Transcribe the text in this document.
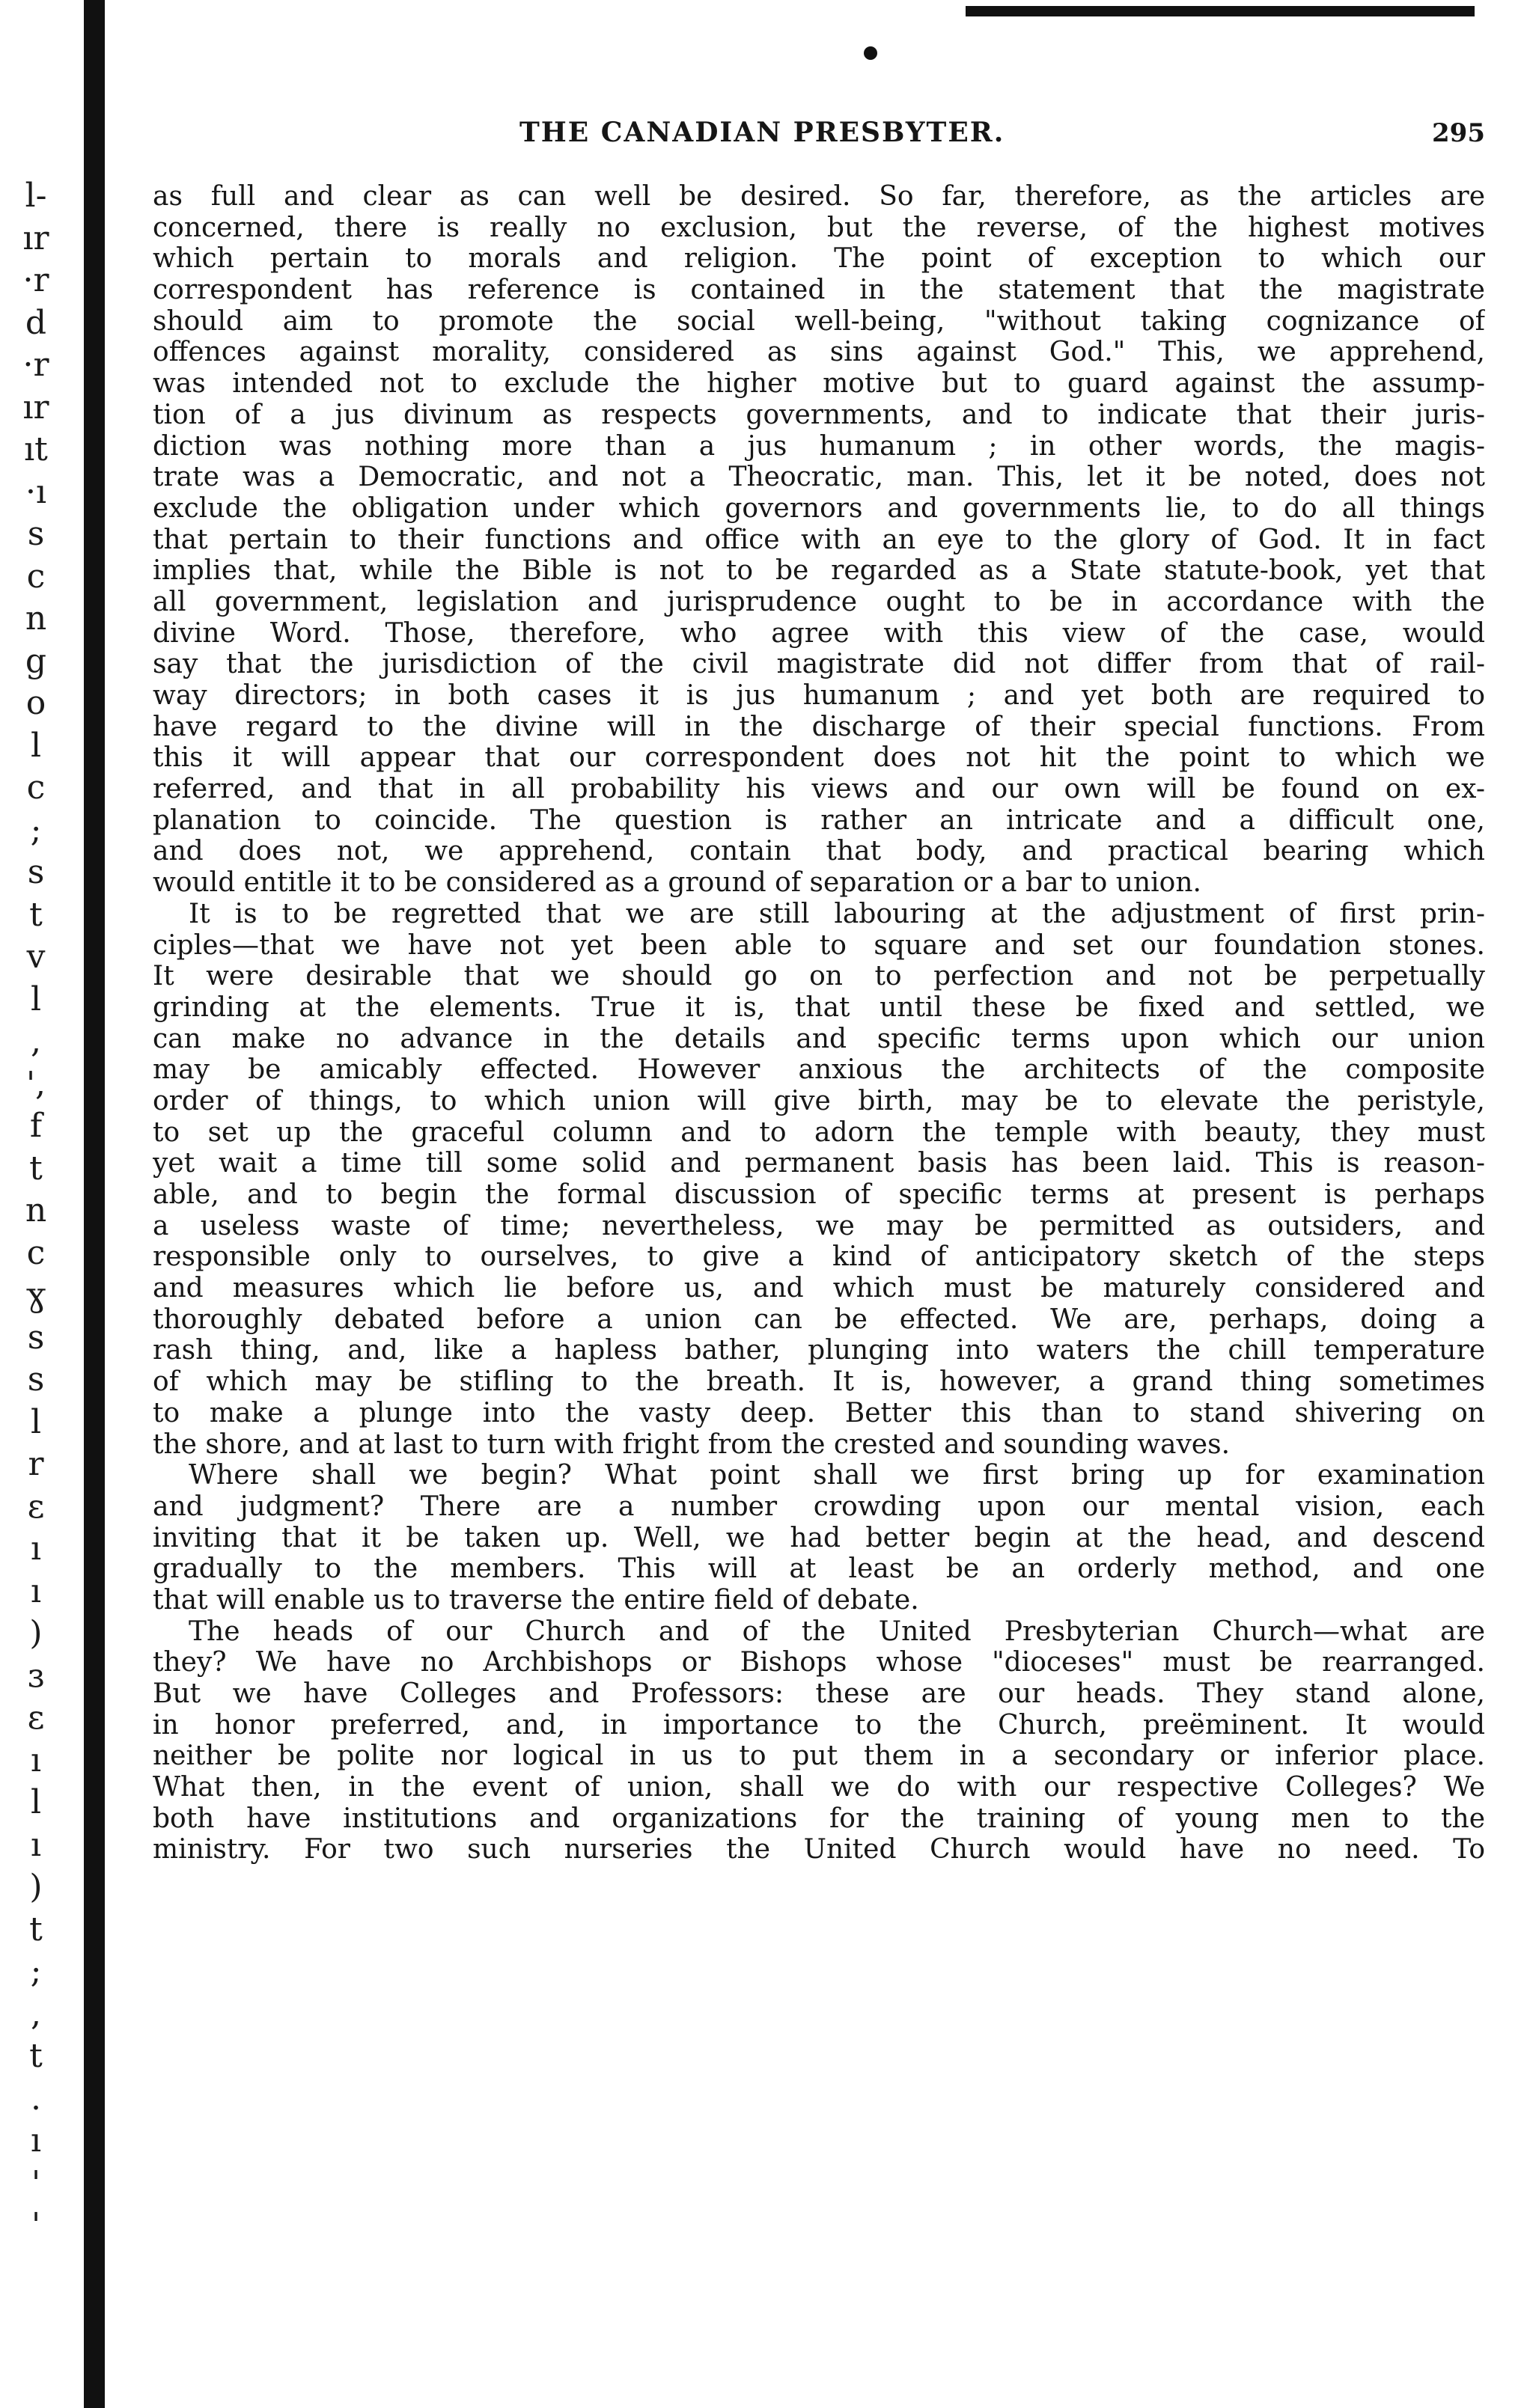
l-
ır
·r
d
·r
ır
ıt
·ı
s
c
n
g
o
l
c
;
s
t
v
l
,
',
f
t
n
c
ɣ
s
s
l
r
ε
ı
ı
)
ɜ
ɛ
ı
l
ı
)
t
;
,
t
.
ı
'
'
THE CANADIAN PRESBYTER.	295
as full and clear as can well be desired. So far, therefore, as the articles are
concerned, there is really no exclusion, but the reverse, of the highest motives
which pertain to morals and religion. The point of exception to which our
correspondent has reference is contained in the statement that the magistrate
should aim to promote the social well-being, "without taking cognizance of
offences against morality, considered as sins against God." This, we apprehend,
was intended not to exclude the higher motive but to guard against the assump-
tion of a jus divinum as respects governments, and to indicate that their juris-
diction was nothing more than a jus humanum ; in other words, the magis-
trate was a Democratic, and not a Theocratic, man. This, let it be noted, does not
exclude the obligation under which governors and governments lie, to do all things
that pertain to their functions and office with an eye to the glory of God. It in fact
implies that, while the Bible is not to be regarded as a State statute-book, yet that
all government, legislation and jurisprudence ought to be in accordance with the
divine Word. Those, therefore, who agree with this view of the case, would
say that the jurisdiction of the civil magistrate did not differ from that of rail-
way directors; in both cases it is jus humanum ; and yet both are required to
have regard to the divine will in the discharge of their special functions. From
this it will appear that our correspondent does not hit the point to which we
referred, and that in all probability his views and our own will be found on ex-
planation to coincide. The question is rather an intricate and a difficult one,
and does not, we apprehend, contain that body, and practical bearing which
would entitle it to be considered as a ground of separation or a bar to union.
It is to be regretted that we are still labouring at the adjustment of first prin-
ciples—that we have not yet been able to square and set our foundation stones.
It were desirable that we should go on to perfection and not be perpetually
grinding at the elements. True it is, that until these be fixed and settled, we
can make no advance in the details and specific terms upon which our union
may be amicably effected. However anxious the architects of the composite
order of things, to which union will give birth, may be to elevate the peristyle,
to set up the graceful column and to adorn the temple with beauty, they must
yet wait a time till some solid and permanent basis has been laid. This is reason-
able, and to begin the formal discussion of specific terms at present is perhaps
a useless waste of time; nevertheless, we may be permitted as outsiders, and
responsible only to ourselves, to give a kind of anticipatory sketch of the steps
and measures which lie before us, and which must be maturely considered and
thoroughly debated before a union can be effected. We are, perhaps, doing a
rash thing, and, like a hapless bather, plunging into waters the chill temperature
of which may be stifling to the breath. It is, however, a grand thing sometimes
to make a plunge into the vasty deep. Better this than to stand shivering on
the shore, and at last to turn with fright from the crested and sounding waves.
Where shall we begin? What point shall we first bring up for examination
and judgment? There are a number crowding upon our mental vision, each
inviting that it be taken up. Well, we had better begin at the head, and descend
gradually to the members. This will at least be an orderly method, and one
that will enable us to traverse the entire field of debate.
The heads of our Church and of the United Presbyterian Church—what are
they? We have no Archbishops or Bishops whose "dioceses" must be rearranged.
But we have Colleges and Professors: these are our heads. They stand alone,
in honor preferred, and, in importance to the Church, preëminent. It would
neither be polite nor logical in us to put them in a secondary or inferior place.
What then, in the event of union, shall we do with our respective Colleges? We
both have institutions and organizations for the training of young men to the
ministry. For two such nurseries the United Church would have no need. To
